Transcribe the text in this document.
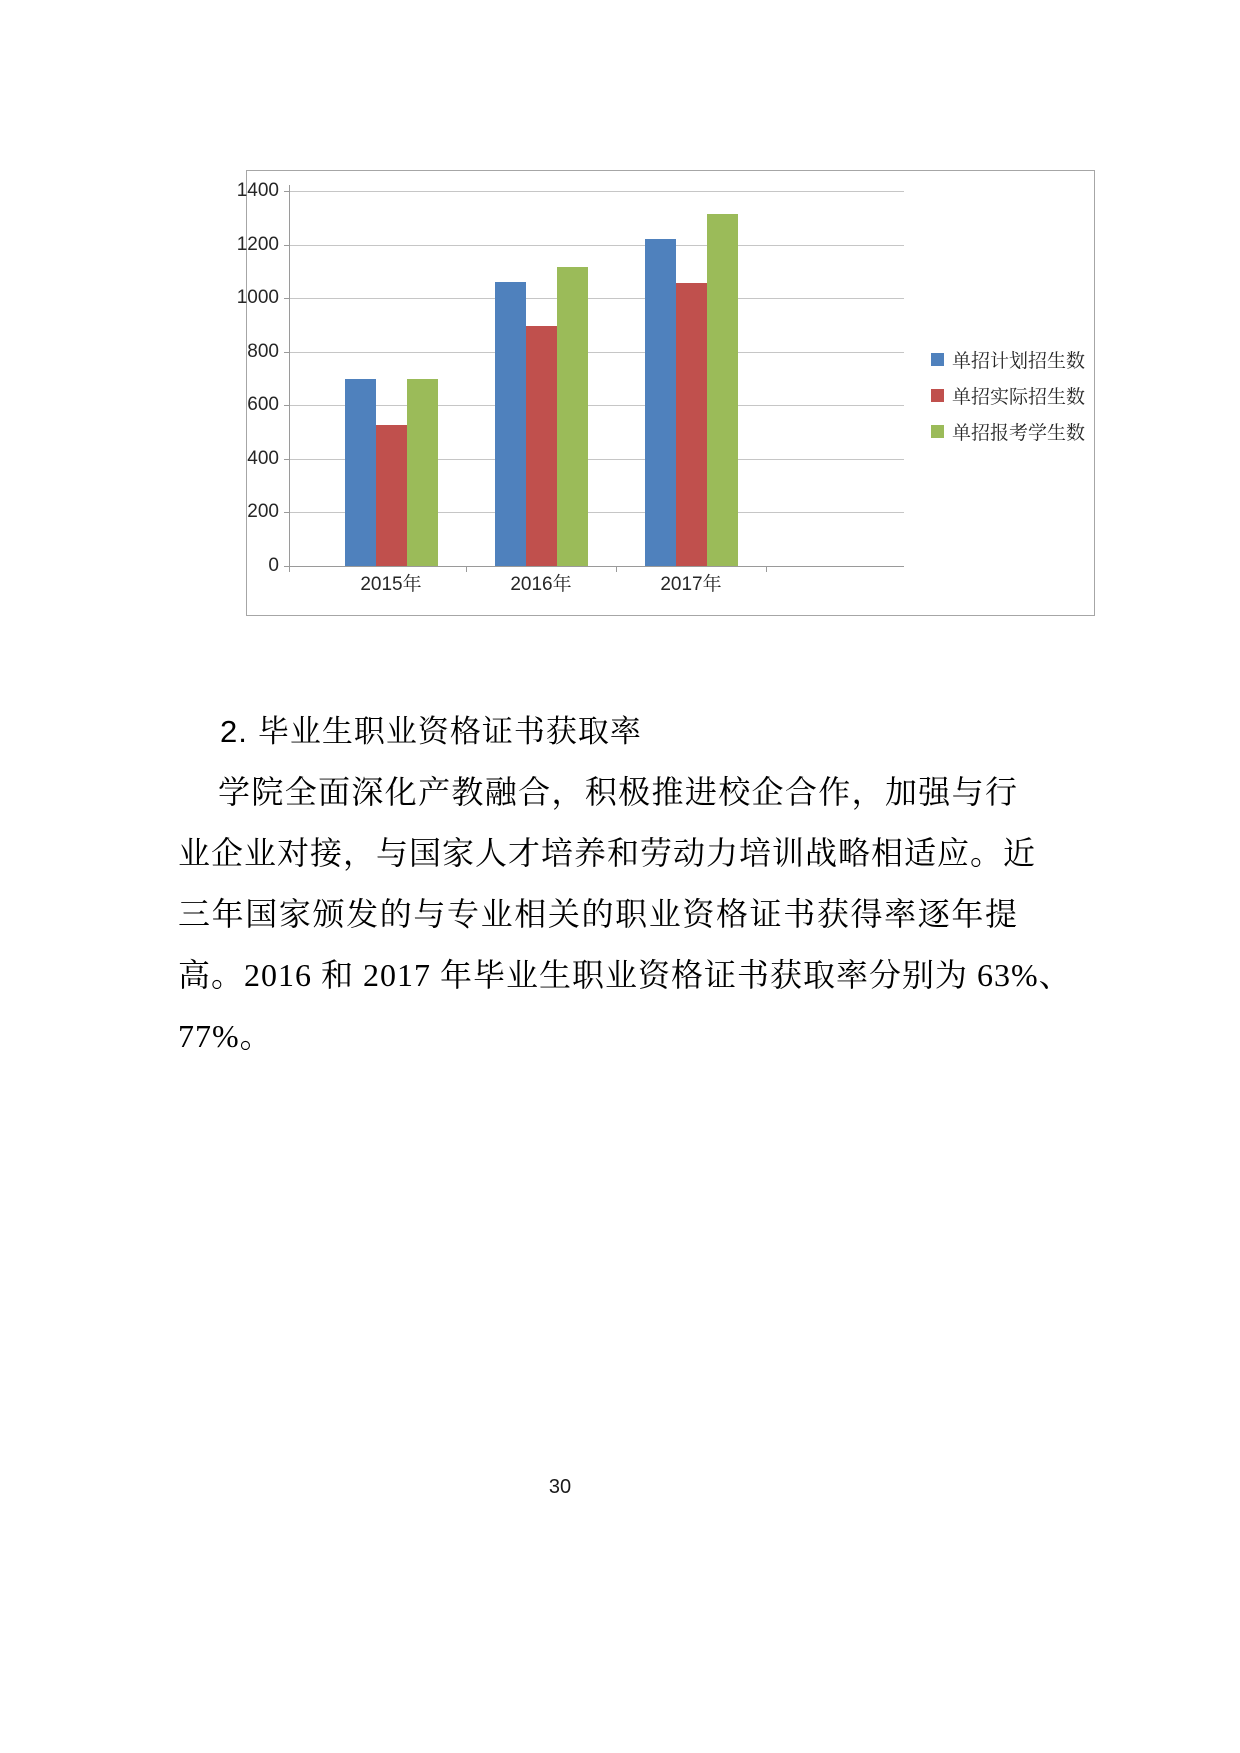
0
200
400
600
800
1000
1200
1400
2015年	2016年	2017年
单招计划招生数
单招实际招生数
单招报考学生数
2. 毕业生职业资格证书获取率
学院全面深化产教融合，积极推进校企合作，加强与行
业企业对接，与国家人才培养和劳动力培训战略相适应。近
三年国家颁发的与专业相关的职业资格证书获得率逐年提
高。2016 和 2017 年毕业生职业资格证书获取率分别为 63%、
77%。
30
